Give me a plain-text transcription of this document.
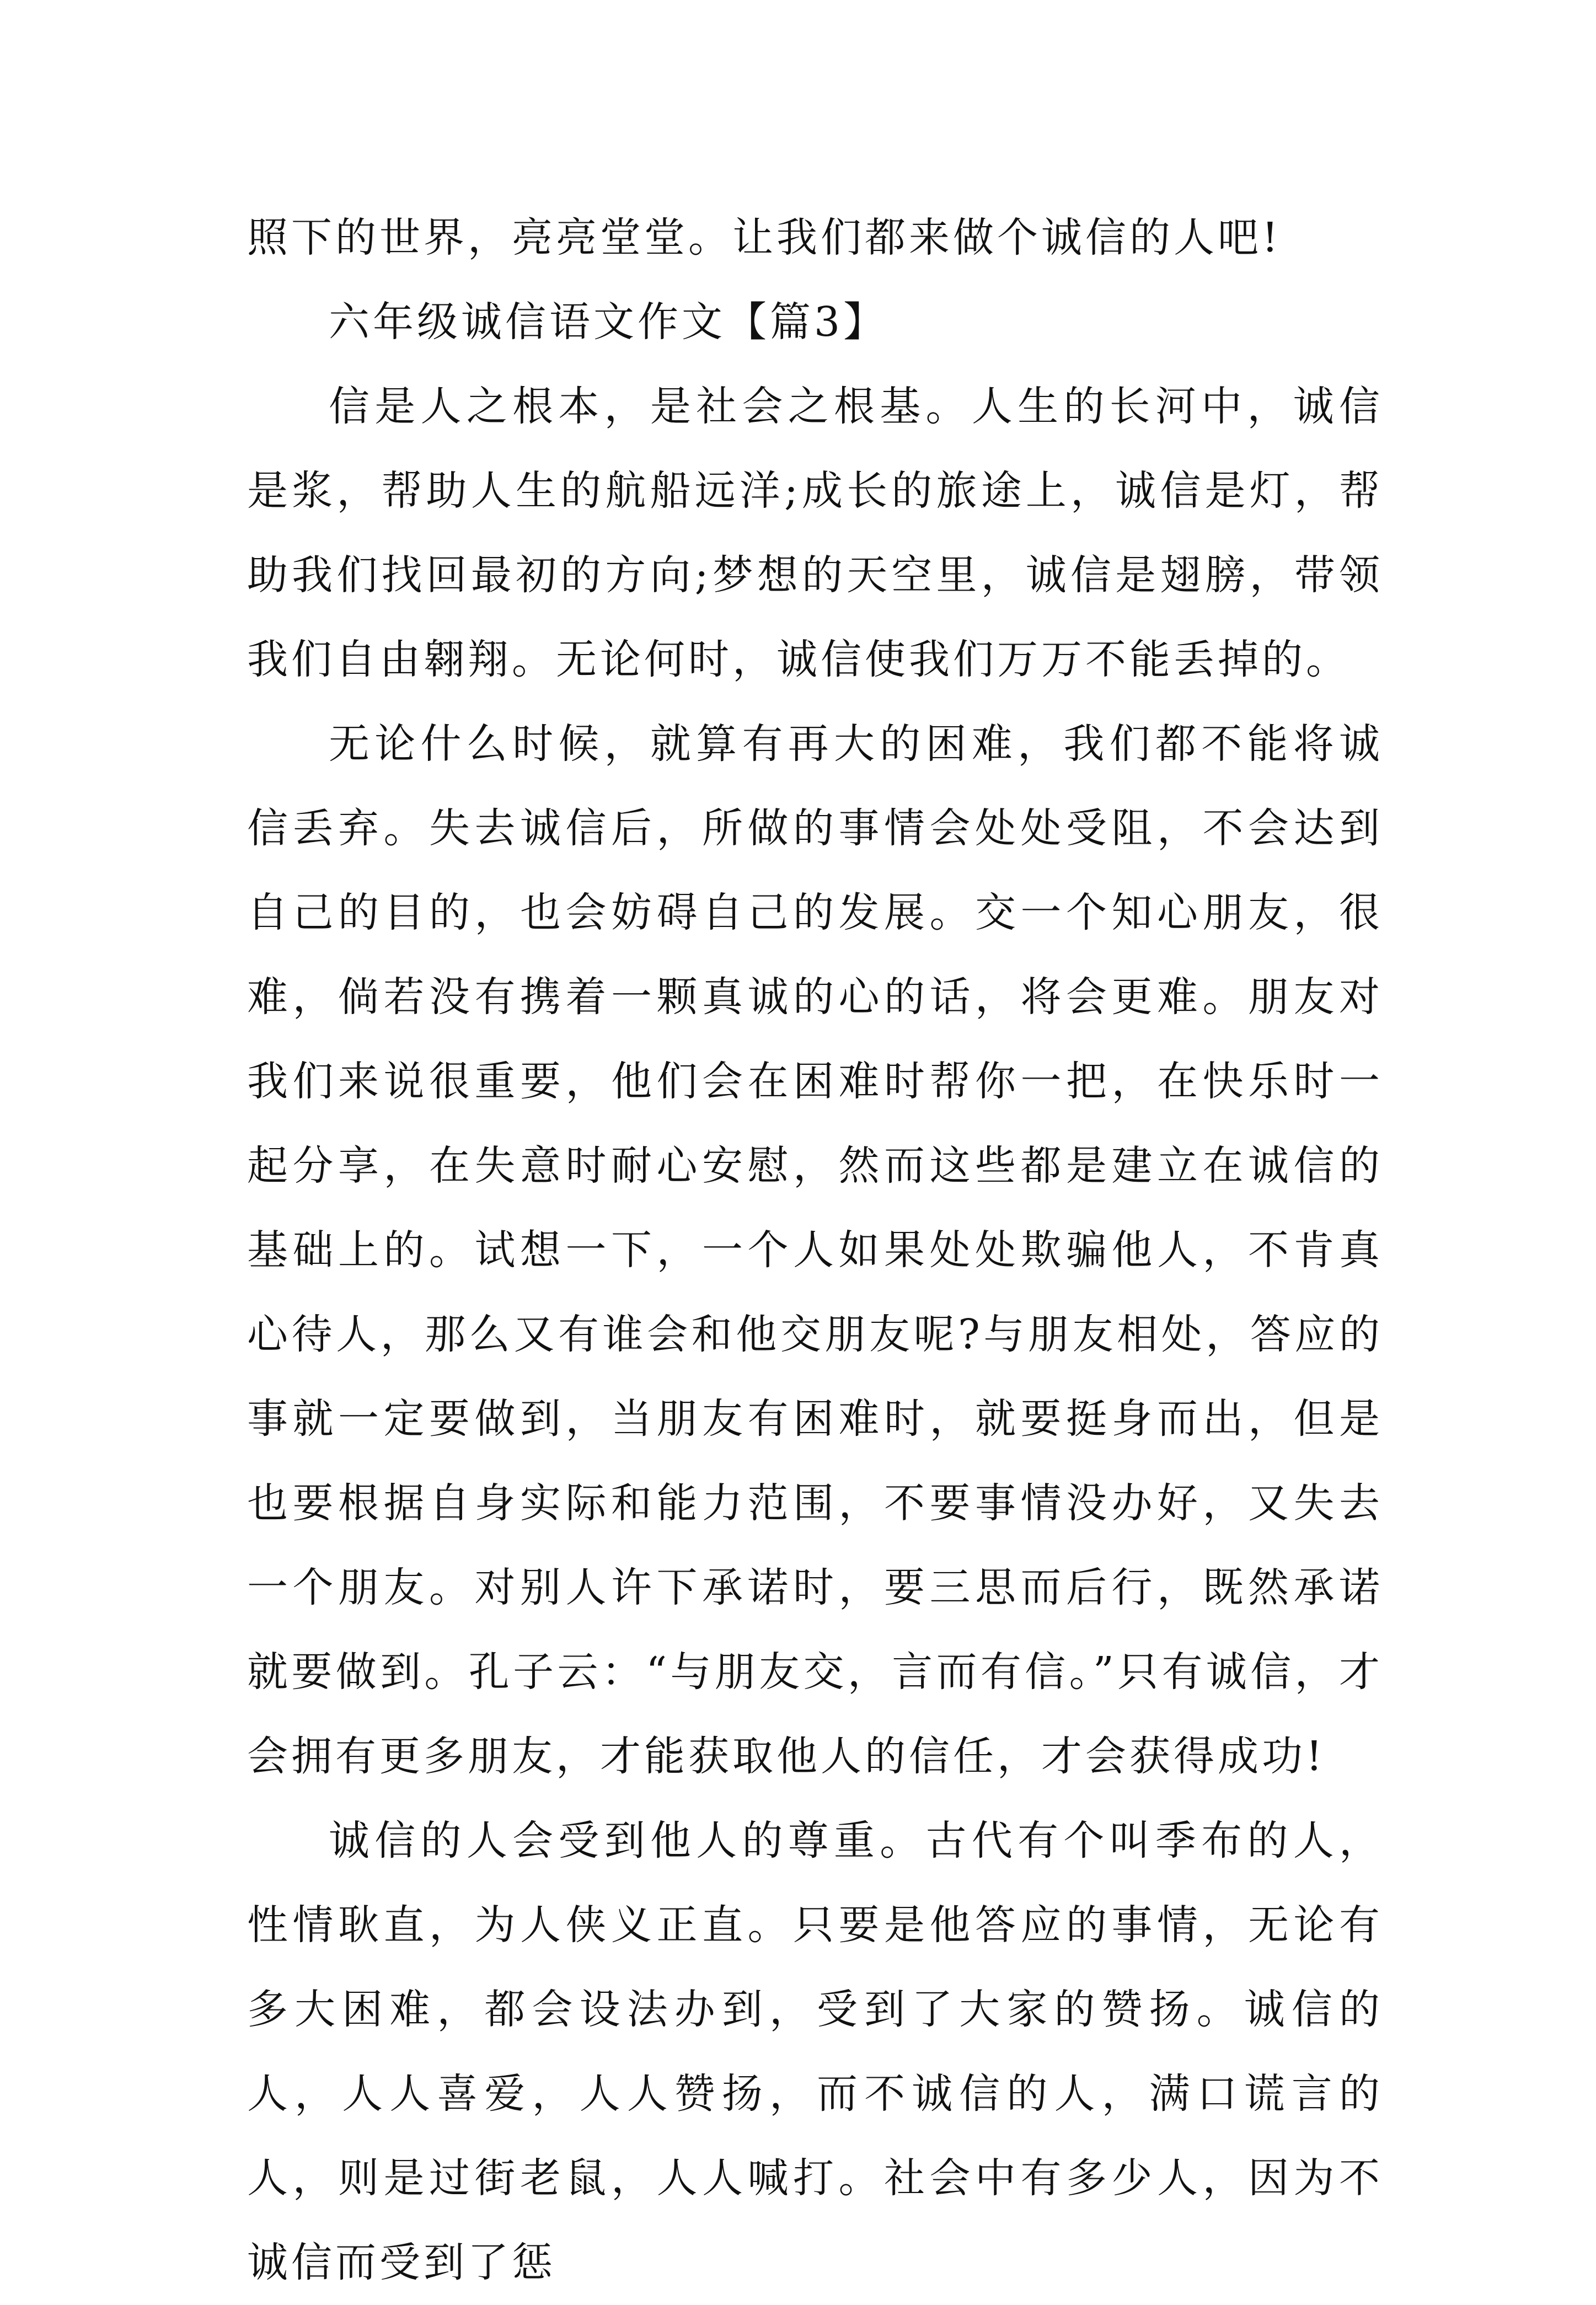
照下的世界，亮亮堂堂。让我们都来做个诚信的人吧!

六年级诚信语文作文【篇3】

信是人之根本，是社会之根基。人生的长河中，诚信是浆，帮助人生的航船远洋;成长的旅途上，诚信是灯，帮助我们找回最初的方向;梦想的天空里，诚信是翅膀，带领我们自由翱翔。无论何时，诚信使我们万万不能丢掉的。

无论什么时候，就算有再大的困难，我们都不能将诚信丢弃。失去诚信后，所做的事情会处处受阻，不会达到自己的目的，也会妨碍自己的发展。交一个知心朋友，很难，倘若没有携着一颗真诚的心的话，将会更难。朋友对我们来说很重要，他们会在困难时帮你一把，在快乐时一起分享，在失意时耐心安慰，然而这些都是建立在诚信的基础上的。试想一下，一个人如果处处欺骗他人，不肯真心待人，那么又有谁会和他交朋友呢?与朋友相处，答应的事就一定要做到，当朋友有困难时，就要挺身而出，但是也要根据自身实际和能力范围，不要事情没办好，又失去一个朋友。对别人许下承诺时，要三思而后行，既然承诺就要做到。孔子云：“与朋友交，言而有信。”只有诚信，才会拥有更多朋友，才能获取他人的信任，才会获得成功!

诚信的人会受到他人的尊重。古代有个叫季布的人，性情耿直，为人侠义正直。只要是他答应的事情，无论有多大困难，都会设法办到，受到了大家的赞扬。诚信的人，人人喜爱，人人赞扬，而不诚信的人，满口谎言的人，则是过街老鼠，人人喊打。社会中有多少人，因为不诚信而受到了惩
